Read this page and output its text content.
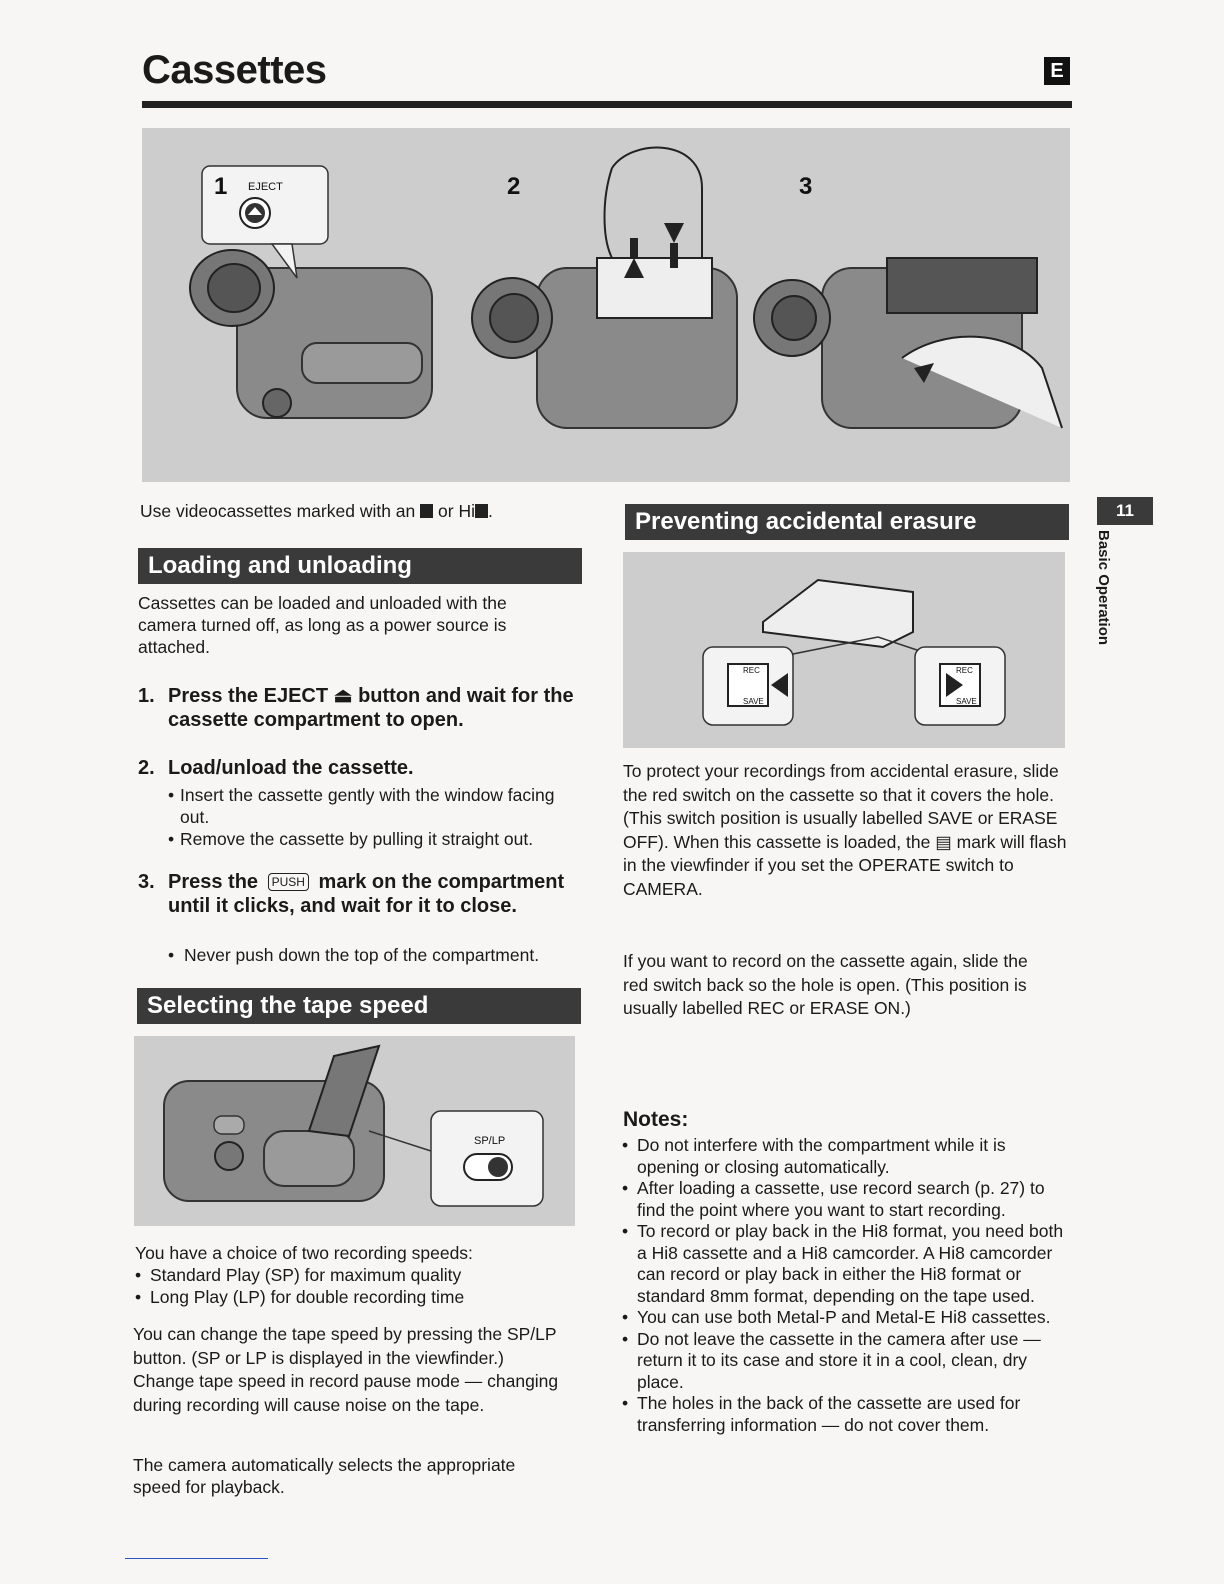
Cassettes	E
11
Basic Operation
1 EJECT	2	3
Use videocassettes marked with an or Hi .
Loading and unloading
Cassettes can be loaded and unloaded with the camera turned off, as long as a power source is attached.
1. Press the EJECT ⏏ button and wait for the cassette compartment to open.
2. Load/unload the cassette.
• Insert the cassette gently with the window facing out.
• Remove the cassette by pulling it straight out.
3. Press the PUSH mark on the compartment until it clicks, and wait for it to close.
• Never push down the top of the compartment.
Selecting the tape speed
SP/LP
You have a choice of two recording speeds:
• Standard Play (SP) for maximum quality
• Long Play (LP) for double recording time
You can change the tape speed by pressing the SP/LP button. (SP or LP is displayed in the viewfinder.) Change tape speed in record pause mode — changing during recording will cause noise on the tape.
The camera automatically selects the appropriate speed for playback.
Preventing accidental erasure
REC
SAVE
REC
SAVE
To protect your recordings from accidental erasure, slide the red switch on the cassette so that it covers the hole. (This switch position is usually labelled SAVE or ERASE OFF). When this cassette is loaded, the ▤ mark will flash in the viewfinder if you set the OPERATE switch to CAMERA.
If you want to record on the cassette again, slide the red switch back so the hole is open. (This position is usually labelled REC or ERASE ON.)
Notes:
• Do not interfere with the compartment while it is opening or closing automatically.
• After loading a cassette, use record search (p. 27) to find the point where you want to start recording.
• To record or play back in the Hi8 format, you need both a Hi8 cassette and a Hi8 camcorder. A Hi8 camcorder can record or play back in either the Hi8 format or standard 8mm format, depending on the tape used.
• You can use both Metal-P and Metal-E Hi8 cassettes.
• Do not leave the cassette in the camera after use — return it to its case and store it in a cool, clean, dry place.
• The holes in the back of the cassette are used for transferring information — do not cover them.
